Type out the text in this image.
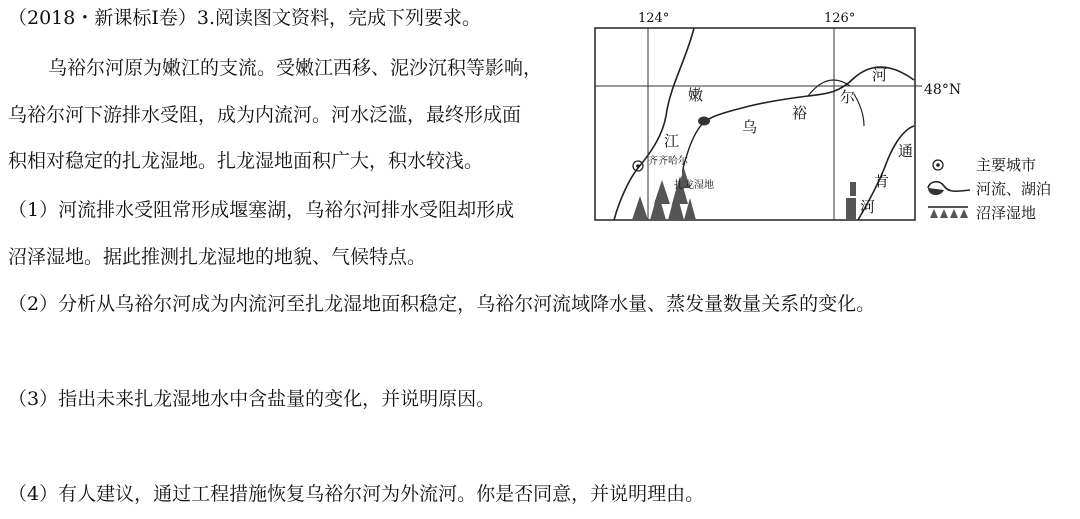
（2018・新课标Ⅰ卷）3.阅读图文资料，完成下列要求。
乌裕尔河原为嫩江的支流。受嫩江西移、泥沙沉积等影响，
乌裕尔河下游排水受阻，成为内流河。河水泛滥，最终形成面
积相对稳定的扎龙湿地。扎龙湿地面积广大，积水较浅。
（1）河流排水受阻常形成堰塞湖，乌裕尔河排水受阻却形成
沼泽湿地。据此推测扎龙湿地的地貌、气候特点。
（2）分析从乌裕尔河成为内流河至扎龙湿地面积稳定，乌裕尔河流域降水量、蒸发量数量关系的变化。
（3）指出未来扎龙湿地水中含盐量的变化，并说明原因。
（4）有人建议，通过工程措施恢复乌裕尔河为外流河。你是否同意，并说明理由。
124°	126°
48°N
嫩
江
乌
裕
尔
河
通
肯
河
齐齐哈尔
扎龙湿地
主要城市
河流、湖泊
沼泽湿地
